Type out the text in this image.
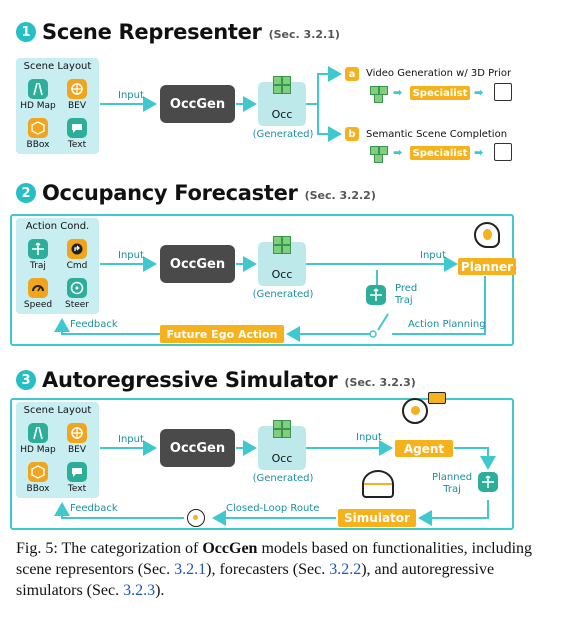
1 Scene Representer (Sec. 3.2.1)
Scene Layout
HD Map	BEV
BBox	Text
Input
OccGen
Occ
(Generated)
a	Video Generation w/ 3D Prior
➡ Specialist ➡
b	Semantic Scene Completion
➡ Specialist ➡
2 Occupancy Forecaster (Sec. 3.2.2)
Action Cond.
Traj	Cmd
Speed	Steer
Input
OccGen
Occ
(Generated)
Input
Planner
Pred
Traj
Action Planning
Future Ego Action
Feedback
3 Autoregressive Simulator (Sec. 3.2.3)
Scene Layout
HD Map	BEV
BBox	Text
Input
OccGen
Occ
(Generated)
Input
Agent
Planned
Traj
Simulator
Closed-Loop Route
Feedback
Fig. 5: The categorization of OccGen models based on functionalities, including scene representors (Sec. 3.2.1), forecasters (Sec. 3.2.2), and autoregressive simulators (Sec. 3.2.3).
